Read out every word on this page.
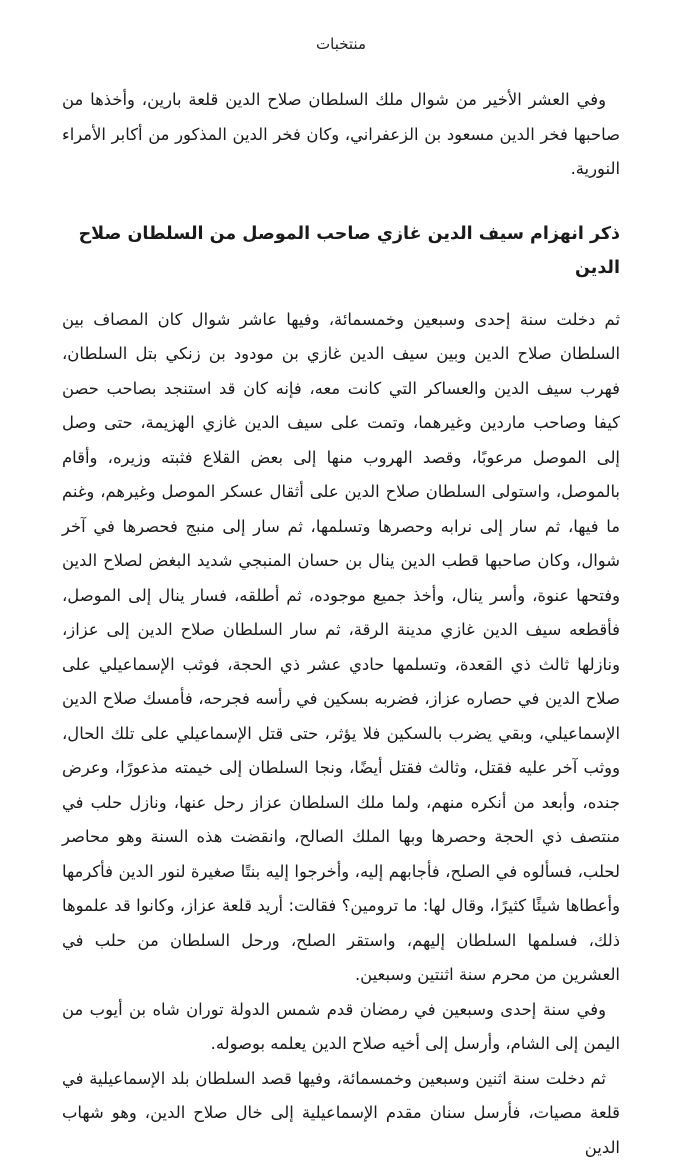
منتخبات

وفي العشر الأخير من شوال ملك السلطان صلاح الدين قلعة بارين، وأخذها من صاحبها فخر الدين مسعود بن الزعفراني، وكان فخر الدين المذكور من أكابر الأمراء النورية.

ذكر انهزام سيف الدين غازي صاحب الموصل من السلطان صلاح الدين

ثم دخلت سنة إحدى وسبعين وخمسمائة، وفيها عاشر شوال كان المصاف بين السلطان صلاح الدين وبين سيف الدين غازي بن مودود بن زنكي بتل السلطان، فهرب سيف الدين والعساكر التي كانت معه، فإنه كان قد استنجد بصاحب حصن كيفا وصاحب ماردين وغيرهما، وتمت على سيف الدين غازي الهزيمة، حتى وصل إلى الموصل مرعوبًا، وقصد الهروب منها إلى بعض القلاع فثبته وزيره، وأقام بالموصل، واستولى السلطان صلاح الدين على أثقال عسكر الموصل وغيرهم، وغنم ما فيها، ثم سار إلى نرابه وحصرها وتسلمها، ثم سار إلى منبج فحصرها في آخر شوال، وكان صاحبها قطب الدين ينال بن حسان المنبجي شديد البغض لصلاح الدين وفتحها عنوة، وأسر ينال، وأخذ جميع موجوده، ثم أطلقه، فسار ينال إلى الموصل، فأقطعه سيف الدين غازي مدينة الرقة، ثم سار السلطان صلاح الدين إلى عزاز، ونازلها ثالث ذي القعدة، وتسلمها حادي عشر ذي الحجة، فوثب الإسماعيلي على صلاح الدين في حصاره عزاز، فضربه بسكين في رأسه فجرحه، فأمسك صلاح الدين الإسماعيلي، وبقي يضرب بالسكين فلا يؤثر، حتى قتل الإسماعيلي على تلك الحال، ووثب آخر عليه فقتل، وثالث فقتل أيضًا، ونجا السلطان إلى خيمته مذعورًا، وعرض جنده، وأبعد من أنكره منهم، ولما ملك السلطان عزاز رحل عنها، ونازل حلب في منتصف ذي الحجة وحصرها وبها الملك الصالح، وانقضت هذه السنة وهو محاصر لحلب، فسألوه في الصلح، فأجابهم إليه، وأخرجوا إليه بنتًا صغيرة لنور الدين فأكرمها وأعطاها شيئًا كثيرًا، وقال لها: ما ترومين؟ فقالت: أريد قلعة عزاز، وكانوا قد علموها ذلك، فسلمها السلطان إليهم، واستقر الصلح، ورحل السلطان من حلب في العشرين من محرم سنة اثنتين وسبعين.

وفي سنة إحدى وسبعين في رمضان قدم شمس الدولة توران شاه بن أيوب من اليمن إلى الشام، وأرسل إلى أخيه صلاح الدين يعلمه بوصوله.

ثم دخلت سنة اثنين وسبعين وخمسمائة، وفيها قصد السلطان بلد الإسماعيلية في قلعة مصيات، فأرسل سنان مقدم الإسماعيلية إلى خال صلاح الدين، وهو شهاب الدين
